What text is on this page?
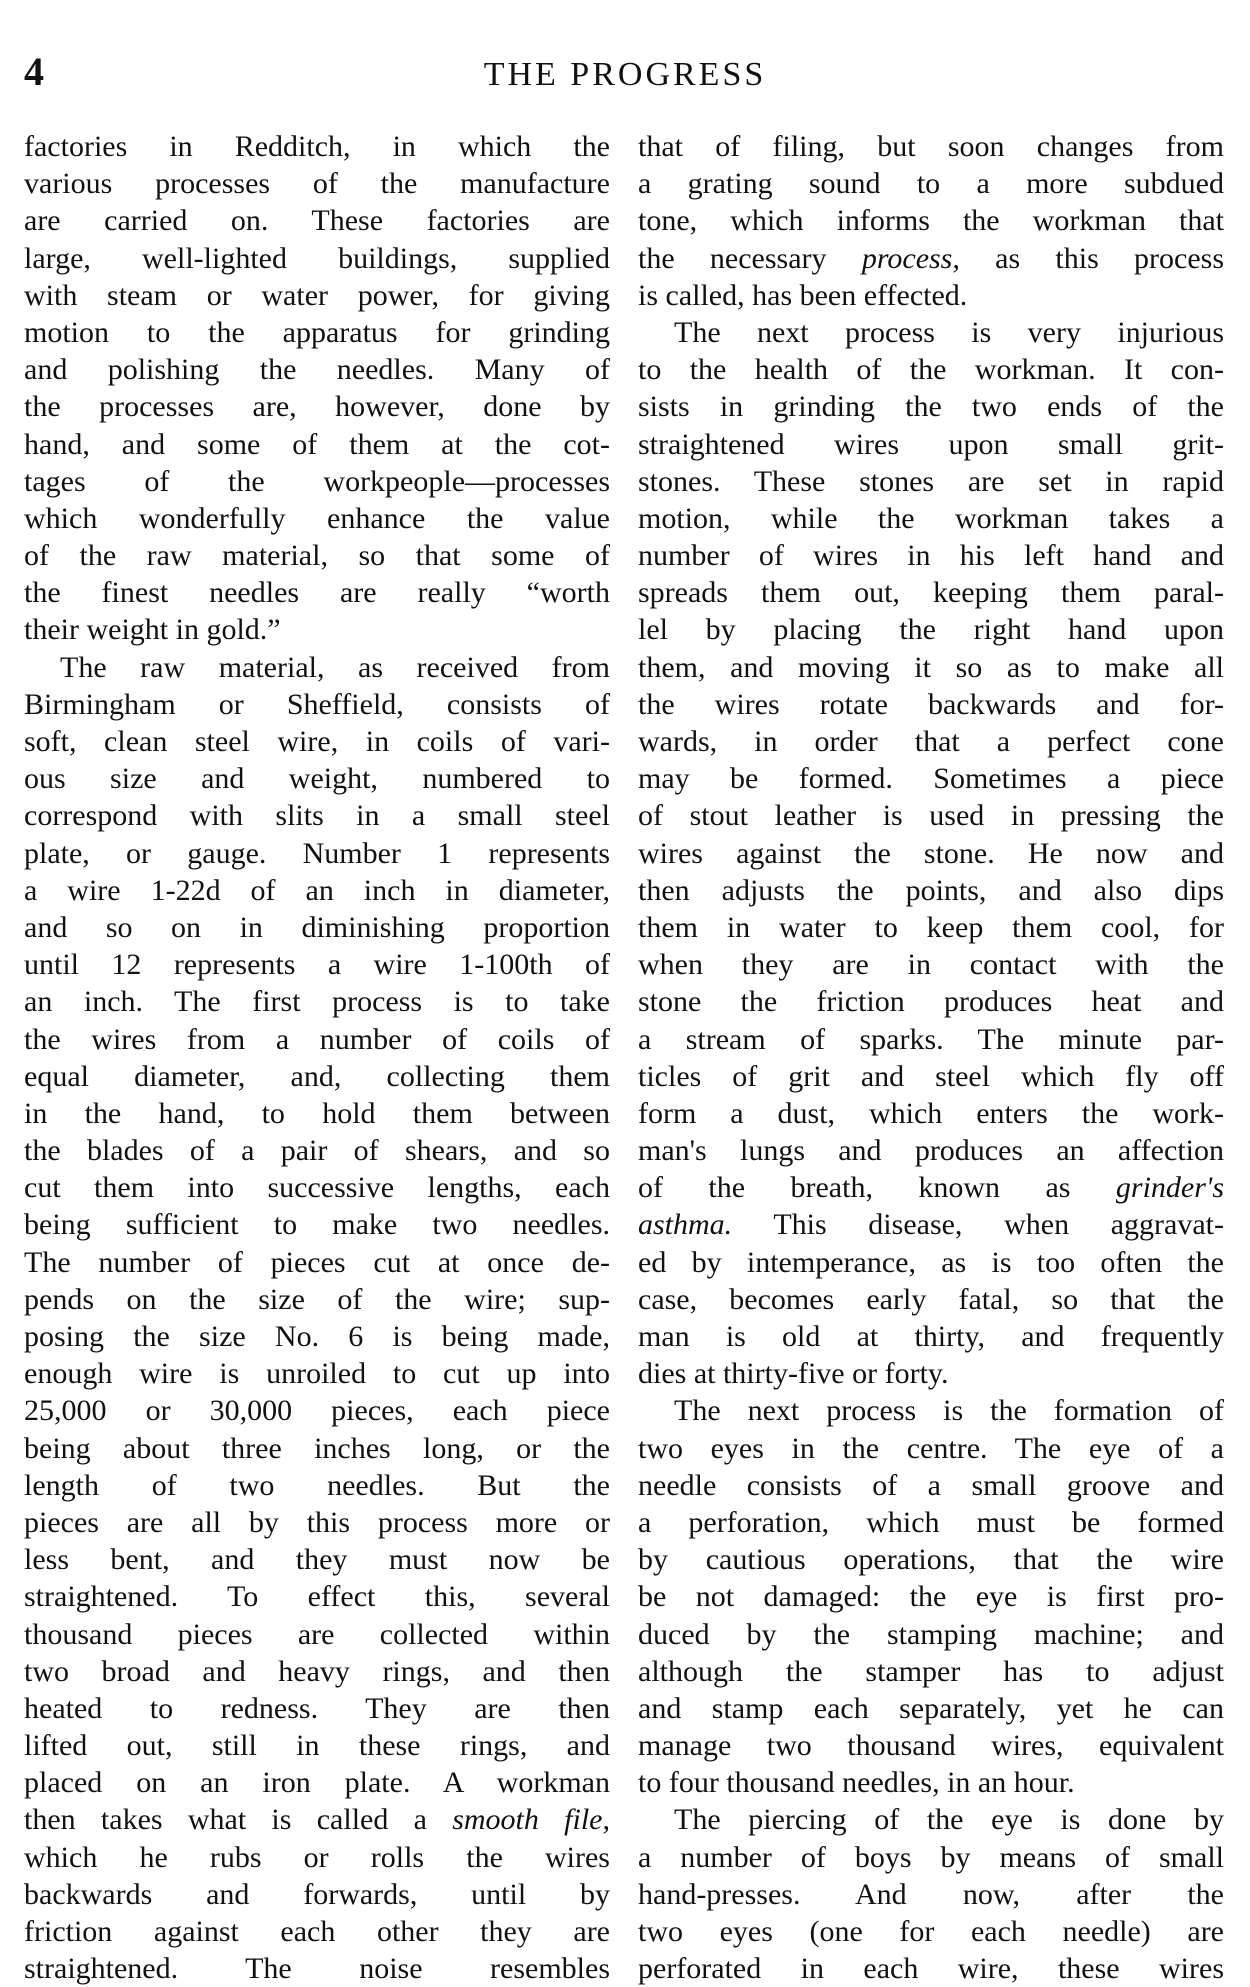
4	THE PROGRESS
factories in Redditch, in which the
various processes of the manufacture
are carried on. These factories are
large, well-lighted buildings, supplied
with steam or water power, for giving
motion to the apparatus for grinding
and polishing the needles. Many of
the processes are, however, done by
hand, and some of them at the cot-
tages of the workpeople—processes
which wonderfully enhance the value
of the raw material, so that some of
the finest needles are really “worth
their weight in gold.”
The raw material, as received from
Birmingham or Sheffield, consists of
soft, clean steel wire, in coils of vari-
ous size and weight, numbered to
correspond with slits in a small steel
plate, or gauge. Number 1 represents
a wire 1-22d of an inch in diameter,
and so on in diminishing proportion
until 12 represents a wire 1-100th of
an inch. The first process is to take
the wires from a number of coils of
equal diameter, and, collecting them
in the hand, to hold them between
the blades of a pair of shears, and so
cut them into successive lengths, each
being sufficient to make two needles.
The number of pieces cut at once de-
pends on the size of the wire; sup-
posing the size No. 6 is being made,
enough wire is unroiled to cut up into
25,000 or 30,000 pieces, each piece
being about three inches long, or the
length of two needles. But the
pieces are all by this process more or
less bent, and they must now be
straightened. To effect this, several
thousand pieces are collected within
two broad and heavy rings, and then
heated to redness. They are then
lifted out, still in these rings, and
placed on an iron plate. A workman
then takes what is called a smooth file,
which he rubs or rolls the wires
backwards and forwards, until by
friction against each other they are
straightened. The noise resembles
that of filing, but soon changes from
a grating sound to a more subdued
tone, which informs the workman that
the necessary process, as this process
is called, has been effected.
The next process is very injurious
to the health of the workman. It con-
sists in grinding the two ends of the
straightened wires upon small grit-
stones. These stones are set in rapid
motion, while the workman takes a
number of wires in his left hand and
spreads them out, keeping them paral-
lel by placing the right hand upon
them, and moving it so as to make all
the wires rotate backwards and for-
wards, in order that a perfect cone
may be formed. Sometimes a piece
of stout leather is used in pressing the
wires against the stone. He now and
then adjusts the points, and also dips
them in water to keep them cool, for
when they are in contact with the
stone the friction produces heat and
a stream of sparks. The minute par-
ticles of grit and steel which fly off
form a dust, which enters the work-
man's lungs and produces an affection
of the breath, known as grinder's
asthma. This disease, when aggravat-
ed by intemperance, as is too often the
case, becomes early fatal, so that the
man is old at thirty, and frequently
dies at thirty-five or forty.
The next process is the formation of
two eyes in the centre. The eye of a
needle consists of a small groove and
a perforation, which must be formed
by cautious operations, that the wire
be not damaged: the eye is first pro-
duced by the stamping machine; and
although the stamper has to adjust
and stamp each separately, yet he can
manage two thousand wires, equivalent
to four thousand needles, in an hour.
The piercing of the eye is done by
a number of boys by means of small
hand-presses. And now, after the
two eyes (one for each needle) are
perforated in each wire, these wires
